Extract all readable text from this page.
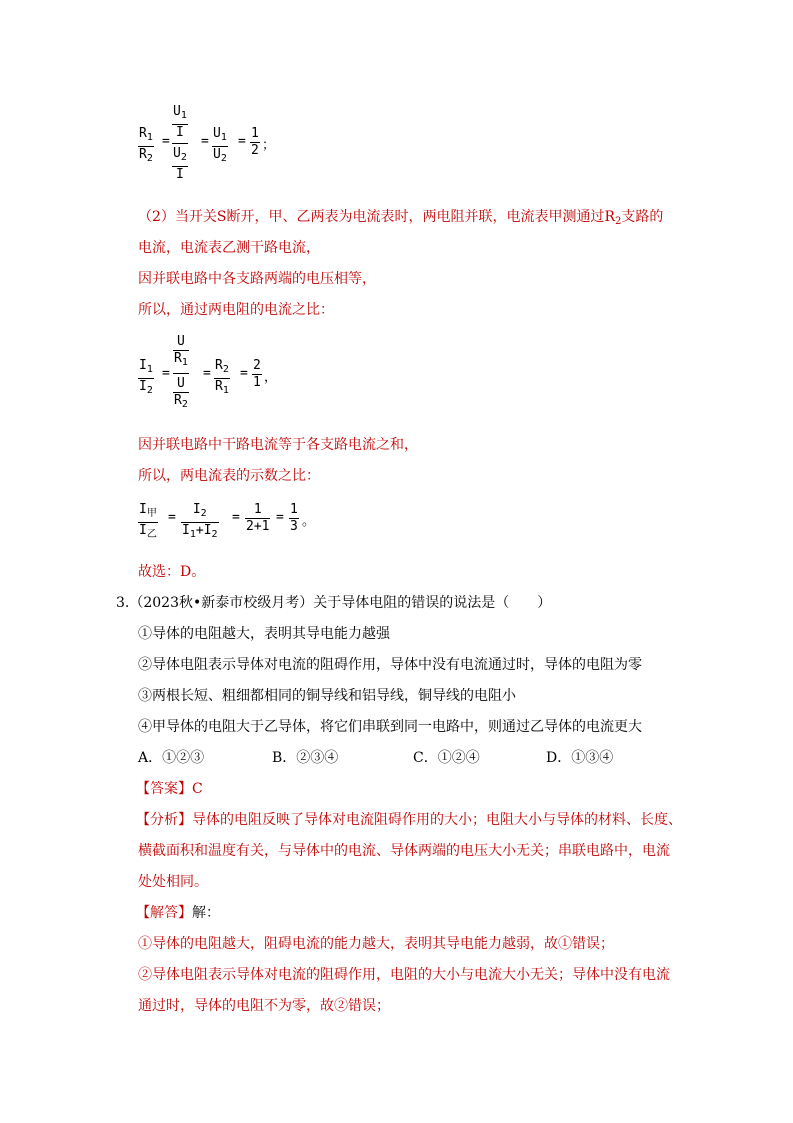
$R_1$
$R_2$
=
$\frac{U_1}{I}$
$\frac{U_2}{I}$
=
$U_1$
$U_2$
=
1
2 ；
（2）当开关S断开，甲、乙两表为电流表时，两电阻并联，电流表甲测通过$R_2$支路的
电流，电流表乙测干路电流，
因并联电路中各支路两端的电压相等，
所以，通过两电阻的电流之比：
$I_1$
$I_2$
=
$\frac{U}{R_1}$
$\frac{U}{R_2}$
=
$R_2$
$R_1$
=
2
1 ，
因并联电路中干路电流等于各支路电流之和，
所以，两电流表的示数之比：
$I_甲$
$I_乙$
=
$I_2$
$I_1+I_2$
=
1
2+1
=
1
3 。
故选：D。
3.（2023秋•新泰市校级月考）关于导体电阻的错误的说法是（　　）
①导体的电阻越大，表明其导电能力越强
②导体电阻表示导体对电流的阻碍作用，导体中没有电流通过时，导体的电阻为零
③两根长短、粗细都相同的铜导线和铝导线，铜导线的电阻小
④甲导体的电阻大于乙导体，将它们串联到同一电路中，则通过乙导体的电流更大
A．①②③	B．②③④	C．①②④	D．①③④
【答案】C
【分析】导体的电阻反映了导体对电流阻碍作用的大小；电阻大小与导体的材料、长度、
横截面积和温度有关，与导体中的电流、导体两端的电压大小无关；串联电路中，电流
处处相同。
【解答】解：
①导体的电阻越大，阻碍电流的能力越大，表明其导电能力越弱，故①错误；
②导体电阻表示导体对电流的阻碍作用，电阻的大小与电流大小无关；导体中没有电流
通过时，导体的电阻不为零，故②错误；
